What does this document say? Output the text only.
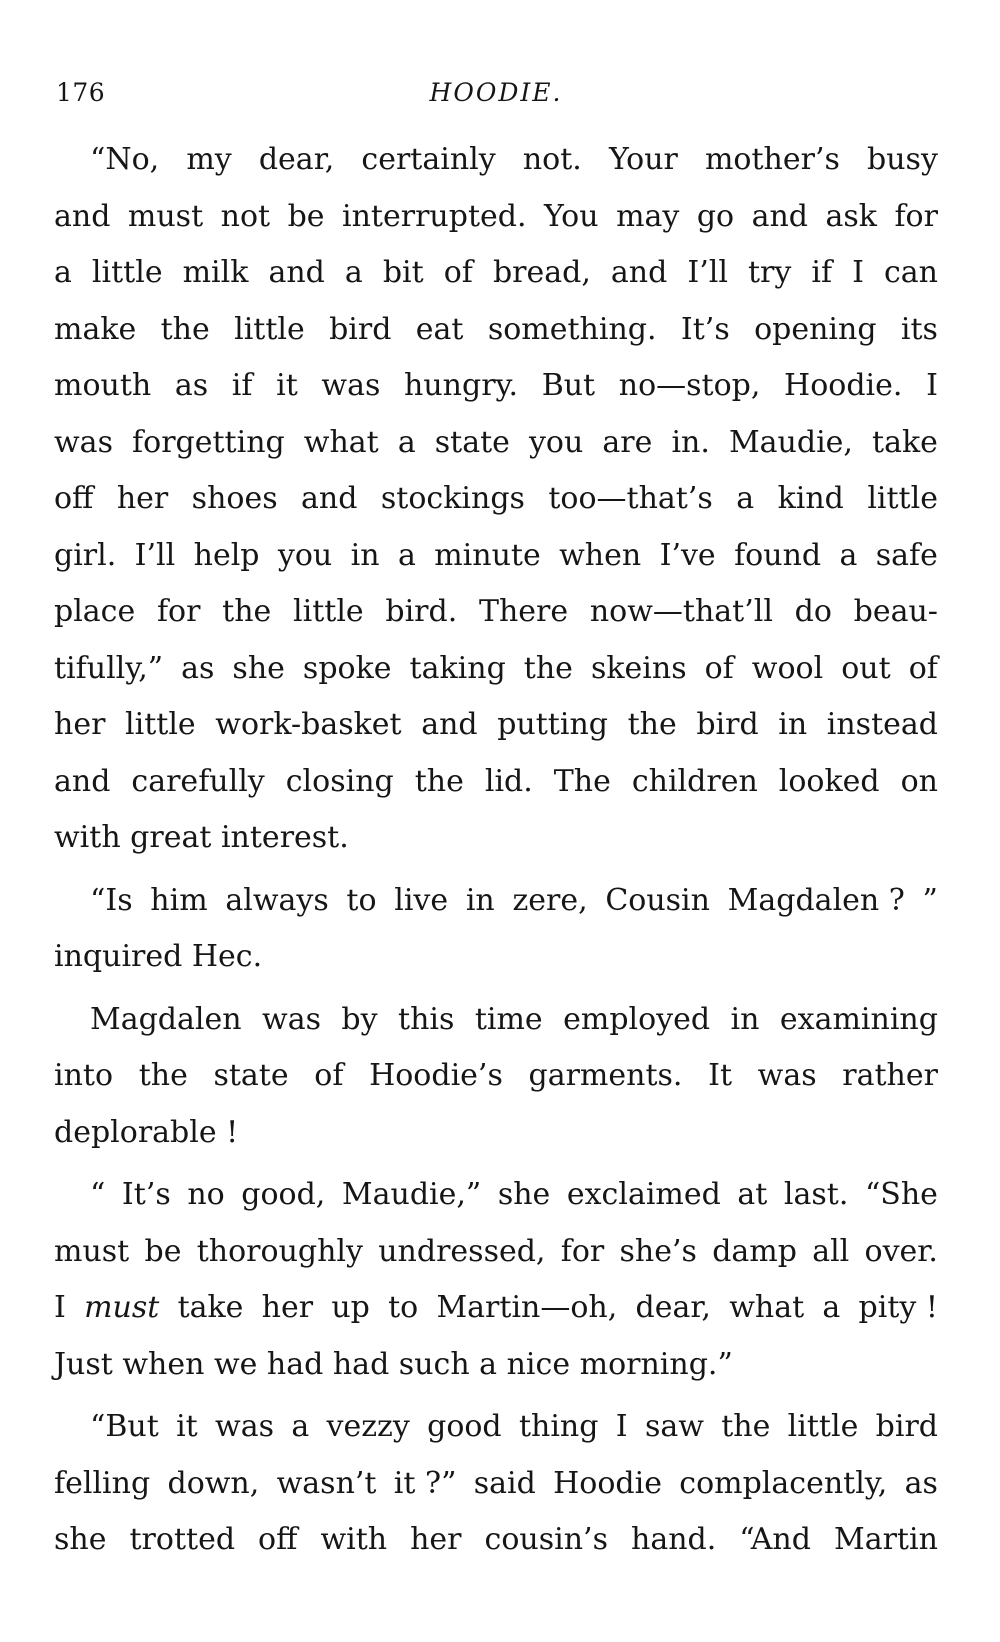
176	HOODIE.
“No, my dear, certainly not. Your mother’s busy
and must not be interrupted. You may go and ask for
a little milk and a bit of bread, and I’ll try if I can
make the little bird eat something. It’s opening its
mouth as if it was hungry. But no—stop, Hoodie. I
was forgetting what a state you are in. Maudie, take
off her shoes and stockings too—that’s a kind little
girl. I’ll help you in a minute when I’ve found a safe
place for the little bird. There now—that’ll do beau-
tifully,” as she spoke taking the skeins of wool out of
her little work-basket and putting the bird in instead
and carefully closing the lid. The children looked on
with great interest.
“Is him always to live in zere, Cousin Magdalen ? ”
inquired Hec.
Magdalen was by this time employed in examining
into the state of Hoodie’s garments. It was rather
deplorable !
“ It’s no good, Maudie,” she exclaimed at last. “She
must be thoroughly undressed, for she’s damp all over.
I must take her up to Martin—oh, dear, what a pity !
Just when we had had such a nice morning.”
“But it was a vezzy good thing I saw the little bird
felling down, wasn’t it ?” said Hoodie complacently, as
she trotted off with her cousin’s hand. “And Martin
